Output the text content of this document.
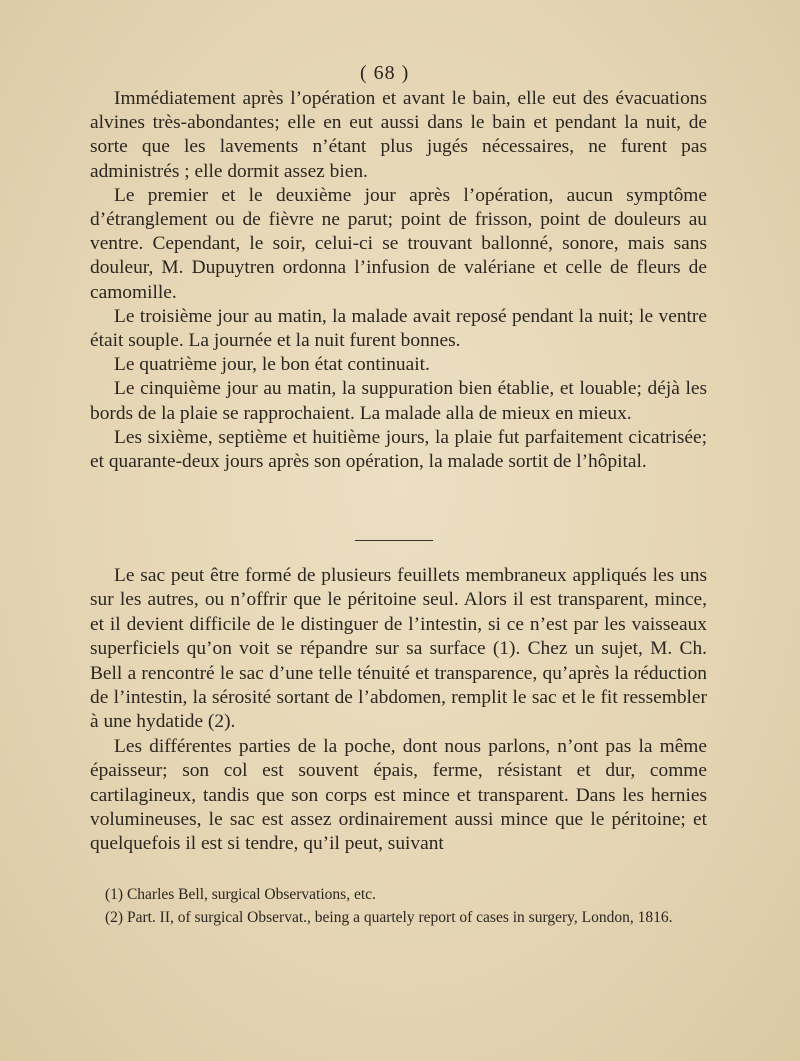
( 68 )

Immédiatement après l’opération et avant le bain, elle eut des évacuations alvines très-abondantes; elle en eut aussi dans le bain et pendant la nuit, de sorte que les lavements n’étant plus jugés nécessaires, ne furent pas administrés ; elle dormit assez bien.

Le premier et le deuxième jour après l’opération, aucun symptôme d’étranglement ou de fièvre ne parut; point de frisson, point de douleurs au ventre. Cependant, le soir, celui-ci se trouvant ballonné, sonore, mais sans douleur, M. Dupuytren ordonna l’infusion de valériane et celle de fleurs de camomille.

Le troisième jour au matin, la malade avait reposé pendant la nuit; le ventre était souple. La journée et la nuit furent bonnes.

Le quatrième jour, le bon état continuait.

Le cinquième jour au matin, la suppuration bien établie, et louable; déjà les bords de la plaie se rapprochaient. La malade alla de mieux en mieux.

Les sixième, septième et huitième jours, la plaie fut parfaitement cicatrisée; et quarante-deux jours après son opération, la malade sortit de l’hôpital.

Le sac peut être formé de plusieurs feuillets membraneux appliqués les uns sur les autres, ou n’offrir que le péritoine seul. Alors il est transparent, mince, et il devient difficile de le distinguer de l’intestin, si ce n’est par les vaisseaux superficiels qu’on voit se répandre sur sa surface (1). Chez un sujet, M. Ch. Bell a rencontré le sac d’une telle ténuité et transparence, qu’après la réduction de l’intestin, la sérosité sortant de l’abdomen, remplit le sac et le fit ressembler à une hydatide (2).

Les différentes parties de la poche, dont nous parlons, n’ont pas la même épaisseur; son col est souvent épais, ferme, résistant et dur, comme cartilagineux, tandis que son corps est mince et transparent. Dans les hernies volumineuses, le sac est assez ordinairement aussi mince que le péritoine; et quelquefois il est si tendre, qu’il peut, suivant

(1) Charles Bell, surgical Observations, etc.
(2) Part. II, of surgical Observat., being a quartely report of cases in surgery, London, 1816.
